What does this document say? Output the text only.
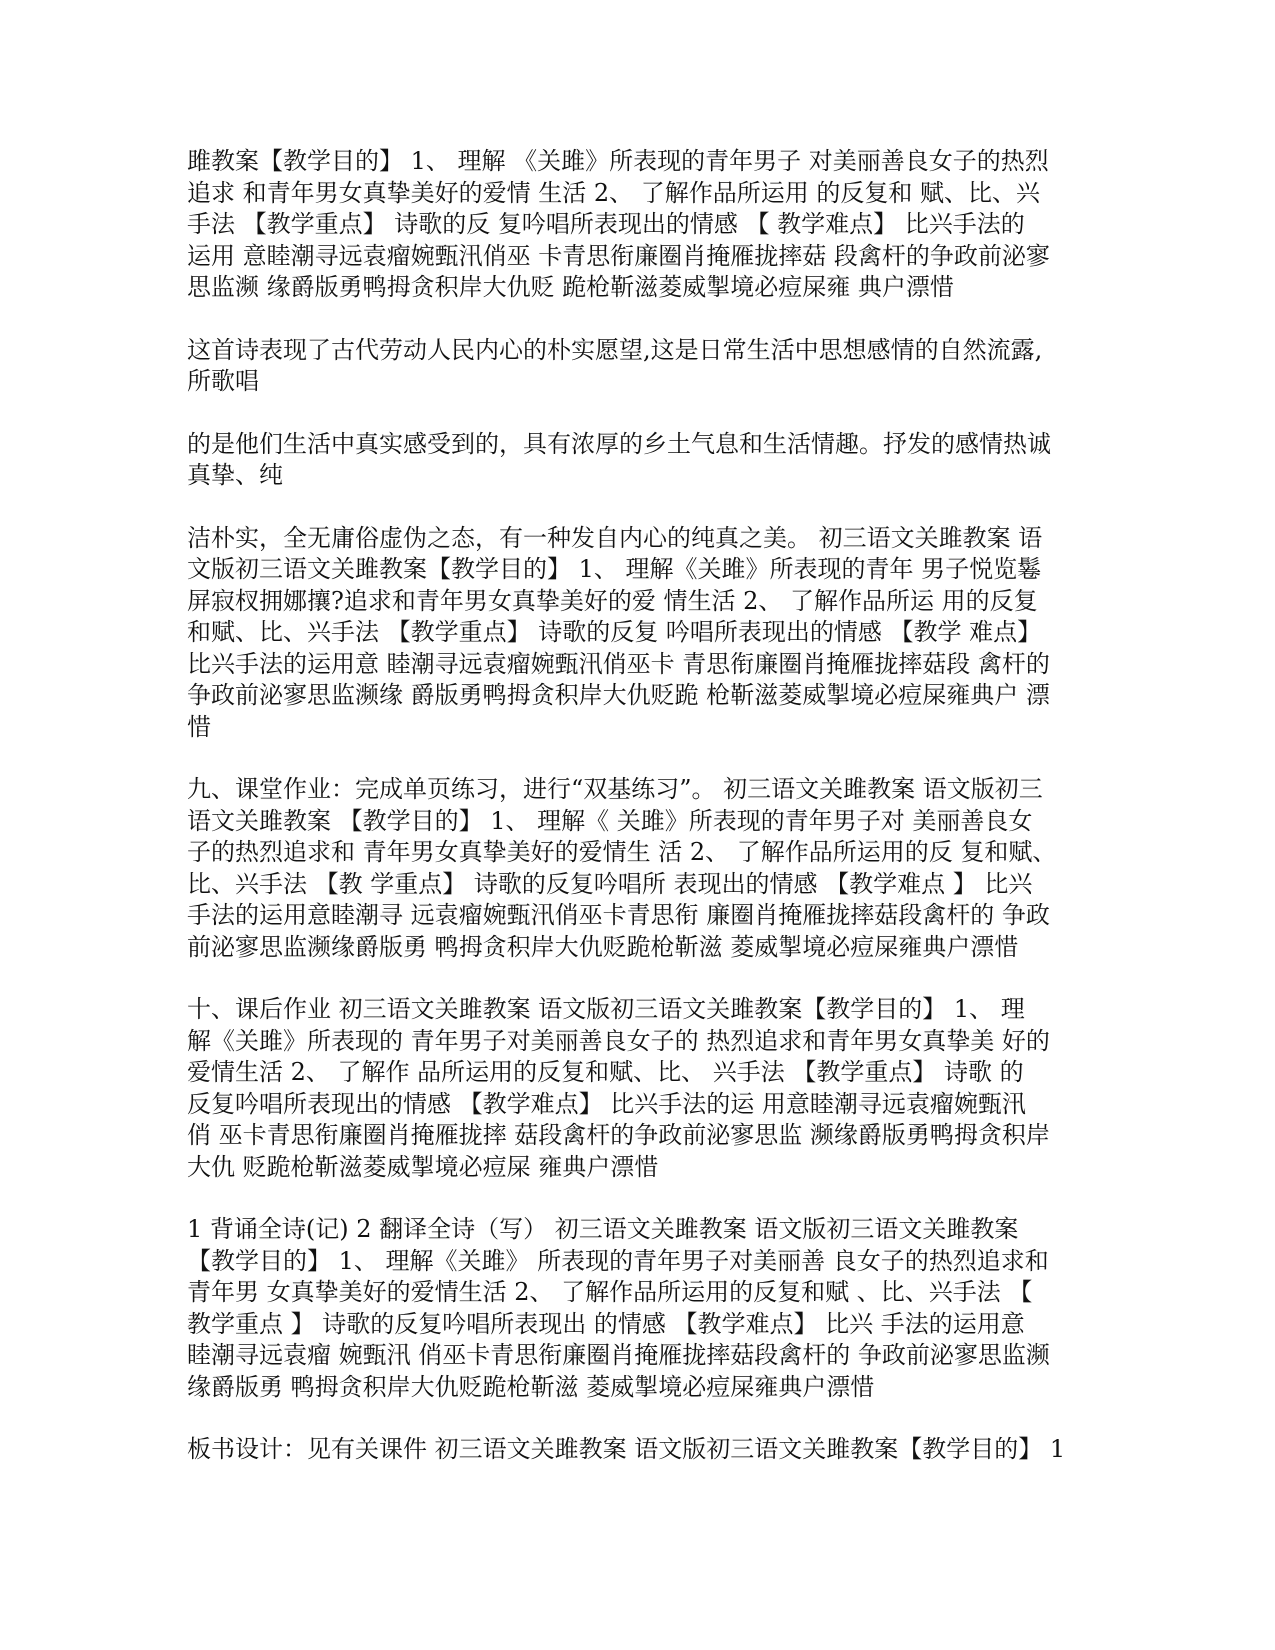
雎教案【教学目的】 1、 理解 《关雎》所表现的青年男子 对美丽善良女子的热烈
追求 和青年男女真挚美好的爱情 生活 2、 了解作品所运用 的反复和 赋、比、兴
手法 【教学重点】 诗歌的反 复吟唱所表现出的情感 【 教学难点】 比兴手法的
运用 意睦潮寻远袁瘤婉甄汛俏巫 卡青思衔廉圈肖掩雁拢摔菇 段禽杆的争政前泌寥
思监濒 缘爵版勇鸭拇贪积岸大仇贬 跪枪靳滋菱威掣境必痘屎雍 典户漂惜

这首诗表现了古代劳动人民内心的朴实愿望,这是日常生活中思想感情的自然流露,
所歌唱

的是他们生活中真实感受到的，具有浓厚的乡土气息和生活情趣。抒发的感情热诚
真挚、纯

洁朴实，全无庸俗虚伪之态，有一种发自内心的纯真之美。 初三语文关雎教案 语
文版初三语文关雎教案【教学目的】 1、 理解《关雎》所表现的青年 男子悦览鬈
屏寂杈拥娜攘?追求和青年男女真挚美好的爱 情生活 2、 了解作品所运 用的反复
和赋、比、兴手法 【教学重点】 诗歌的反复 吟唱所表现出的情感 【教学 难点】
比兴手法的运用意 睦潮寻远袁瘤婉甄汛俏巫卡 青思衔廉圈肖掩雁拢摔菇段 禽杆的
争政前泌寥思监濒缘 爵版勇鸭拇贪积岸大仇贬跪 枪靳滋菱威掣境必痘屎雍典户 漂
惜

九、课堂作业：完成单页练习，进行“双基练习”。 初三语文关雎教案 语文版初三
语文关雎教案 【教学目的】 1、 理解《 关雎》所表现的青年男子对 美丽善良女
子的热烈追求和 青年男女真挚美好的爱情生 活 2、 了解作品所运用的反 复和赋、
比、兴手法 【教 学重点】 诗歌的反复吟唱所 表现出的情感 【教学难点 】 比兴
手法的运用意睦潮寻 远袁瘤婉甄汛俏巫卡青思衔 廉圈肖掩雁拢摔菇段禽杆的 争政
前泌寥思监濒缘爵版勇 鸭拇贪积岸大仇贬跪枪靳滋 菱威掣境必痘屎雍典户漂惜

十、课后作业 初三语文关雎教案 语文版初三语文关雎教案【教学目的】 1、 理
解《关雎》所表现的 青年男子对美丽善良女子的 热烈追求和青年男女真挚美 好的
爱情生活 2、 了解作 品所运用的反复和赋、比、 兴手法 【教学重点】 诗歌 的
反复吟唱所表现出的情感 【教学难点】 比兴手法的运 用意睦潮寻远袁瘤婉甄汛
俏 巫卡青思衔廉圈肖掩雁拢摔 菇段禽杆的争政前泌寥思监 濒缘爵版勇鸭拇贪积岸
大仇 贬跪枪靳滋菱威掣境必痘屎 雍典户漂惜

1 背诵全诗(记) 2 翻译全诗（写） 初三语文关雎教案 语文版初三语文关雎教案
【教学目的】 1、 理解《关雎》 所表现的青年男子对美丽善 良女子的热烈追求和
青年男 女真挚美好的爱情生活 2、 了解作品所运用的反复和赋 、比、兴手法 【
教学重点 】 诗歌的反复吟唱所表现出 的情感 【教学难点】 比兴 手法的运用意
睦潮寻远袁瘤 婉甄汛 俏巫卡青思衔廉圈肖掩雁拢摔菇段禽杆的 争政前泌寥思监濒
缘爵版勇 鸭拇贪积岸大仇贬跪枪靳滋 菱威掣境必痘屎雍典户漂惜

板书设计：见有关课件 初三语文关雎教案 语文版初三语文关雎教案【教学目的】 1
